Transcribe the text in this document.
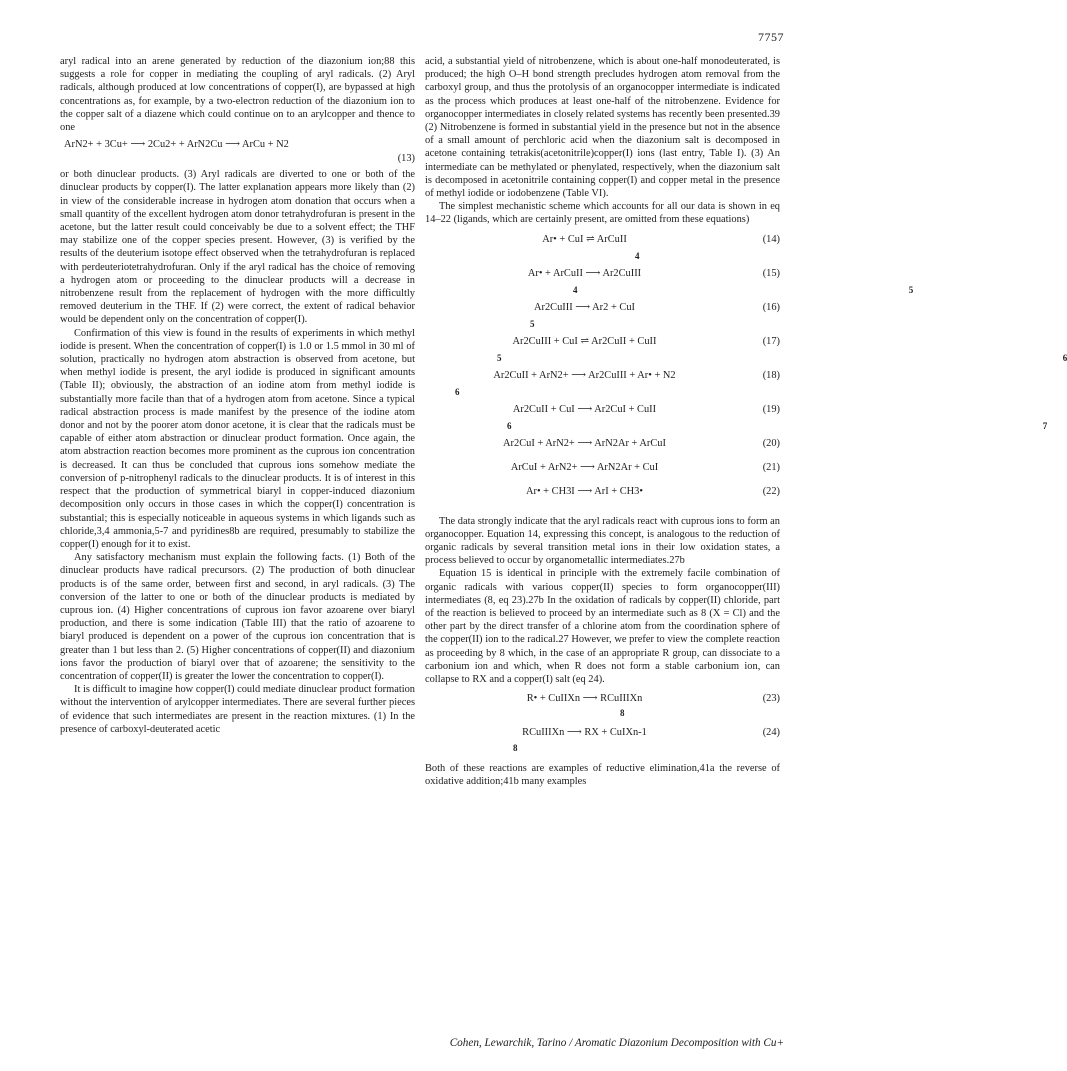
7757

aryl radical into an arene generated by reduction of the diazonium ion;88 this suggests a role for copper in mediating the coupling of aryl radicals. (2) Aryl radicals, although produced at low concentrations of copper(I), are bypassed at high concentrations as, for example, by a two-electron reduction of the diazonium ion to the copper salt of a diazene which could continue on to an arylcopper and thence to one

ArN2+ + 3Cu+ ⟶ 2Cu2+ + ArN2Cu ⟶ ArCu + N2
(13)

or both dinuclear products. (3) Aryl radicals are diverted to one or both of the dinuclear products by copper(I). The latter explanation appears more likely than (2) in view of the considerable increase in hydrogen atom donation that occurs when a small quantity of the excellent hydrogen atom donor tetrahydrofuran is present in the acetone, but the latter result could conceivably be due to a solvent effect; the THF may stabilize one of the copper species present. However, (3) is verified by the results of the deuterium isotope effect observed when the tetrahydrofuran is replaced with perdeuteriotetrahydrofuran. Only if the aryl radical has the choice of removing a hydrogen atom or proceeding to the dinuclear products will a decrease in nitrobenzene result from the replacement of hydrogen with the more difficultly removed deuterium in the THF. If (2) were correct, the extent of radical behavior would be dependent only on the concentration of copper(I).

Confirmation of this view is found in the results of experiments in which methyl iodide is present. When the concentration of copper(I) is 1.0 or 1.5 mmol in 30 ml of solution, practically no hydrogen atom abstraction is observed from acetone, but when methyl iodide is present, the aryl iodide is produced in significant amounts (Table II); obviously, the abstraction of an iodine atom from methyl iodide is substantially more facile than that of a hydrogen atom from acetone. Since a typical radical abstraction process is made manifest by the presence of the iodine atom donor and not by the poorer atom donor acetone, it is clear that the radicals must be capable of either atom abstraction or dinuclear product formation. Once again, the atom abstraction reaction becomes more prominent as the cuprous ion concentration is decreased. It can thus be concluded that cuprous ions somehow mediate the conversion of p-nitrophenyl radicals to the dinuclear products. It is of interest in this respect that the production of symmetrical biaryl in copper-induced diazonium decomposition only occurs in those cases in which the copper(I) concentration is substantial; this is especially noticeable in aqueous systems in which ligands such as chloride,3,4 ammonia,5-7 and pyridines8b are required, presumably to stabilize the copper(I) enough for it to exist.

Any satisfactory mechanism must explain the following facts. (1) Both of the dinuclear products have radical precursors. (2) The production of both dinuclear products is of the same order, between first and second, in aryl radicals. (3) The conversion of the latter to one or both of the dinuclear products is mediated by cuprous ion. (4) Higher concentrations of cuprous ion favor azoarene over biaryl production, and there is some indication (Table III) that the ratio of azoarene to biaryl produced is dependent on a power of the cuprous ion concentration that is greater than 1 but less than 2. (5) Higher concentrations of copper(II) and diazonium ions favor the production of biaryl over that of azoarene; the sensitivity to the concentration of copper(II) is greater the lower the concentration to copper(I).

It is difficult to imagine how copper(I) could mediate dinuclear product formation without the intervention of arylcopper intermediates. There are several further pieces of evidence that such intermediates are present in the reaction mixtures. (1) In the presence of carboxyl-deuterated acetic

acid, a substantial yield of nitrobenzene, which is about one-half monodeuterated, is produced; the high O–H bond strength precludes hydrogen atom removal from the carboxyl group, and thus the protolysis of an organocopper intermediate is indicated as the process which produces at least one-half of the nitrobenzene. Evidence for organocopper intermediates in closely related systems has recently been presented.39 (2) Nitrobenzene is formed in substantial yield in the presence but not in the absence of a small amount of perchloric acid when the diazonium salt is decomposed in acetone containing tetrakis(acetonitrile)copper(I) ions (last entry, Table I). (3) An intermediate can be methylated or phenylated, respectively, when the diazonium salt is decomposed in acetonitrile containing copper(I) and copper metal in the presence of methyl iodide or iodobenzene (Table VI).

The simplest mechanistic scheme which accounts for all our data is shown in eq 14–22 (ligands, which are certainly present, are omitted from these equations)

Ar• + CuI ⇌ ArCuII	(14)
4
Ar• + ArCuII ⟶ Ar2CuIII	(15)
4     5
Ar2CuIII ⟶ Ar2 + CuI	(16)
5
Ar2CuIII + CuI ⇌ Ar2CuII + CuII	(17)
5     6
Ar2CuII + ArN2+ ⟶ Ar2CuIII + Ar• + N2	(18)
6
Ar2CuII + CuI ⟶ Ar2CuI + CuII	(19)
6     7
Ar2CuI + ArN2+ ⟶ ArN2Ar + ArCuI	(20)
ArCuI + ArN2+ ⟶ ArN2Ar + CuI	(21)
Ar• + CH3I ⟶ ArI + CH3•	(22)

The data strongly indicate that the aryl radicals react with cuprous ions to form an organocopper. Equation 14, expressing this concept, is analogous to the reduction of organic radicals by several transition metal ions in their low oxidation states, a process believed to occur by organometallic intermediates.27b

Equation 15 is identical in principle with the extremely facile combination of organic radicals with various copper(II) species to form organocopper(III) intermediates (8, eq 23).27b In the oxidation of radicals by copper(II) chloride, part of the reaction is believed to proceed by an intermediate such as 8 (X = Cl) and the other part by the direct transfer of a chlorine atom from the coordination sphere of the copper(II) ion to the radical.27 However, we prefer to view the complete reaction as proceeding by 8 which, in the case of an appropriate R group, can dissociate to a carbonium ion and which, when R does not form a stable carbonium ion, can collapse to RX and a copper(I) salt (eq 24).

R• + CuIIXn ⟶ RCuIIIXn	(23)
8
RCuIIIXn ⟶ RX + CuIXn-1	(24)
8

Both of these reactions are examples of reductive elimination,41a the reverse of oxidative addition;41b many examples

Cohen, Lewarchik, Tarino / Aromatic Diazonium Decomposition with Cu+
